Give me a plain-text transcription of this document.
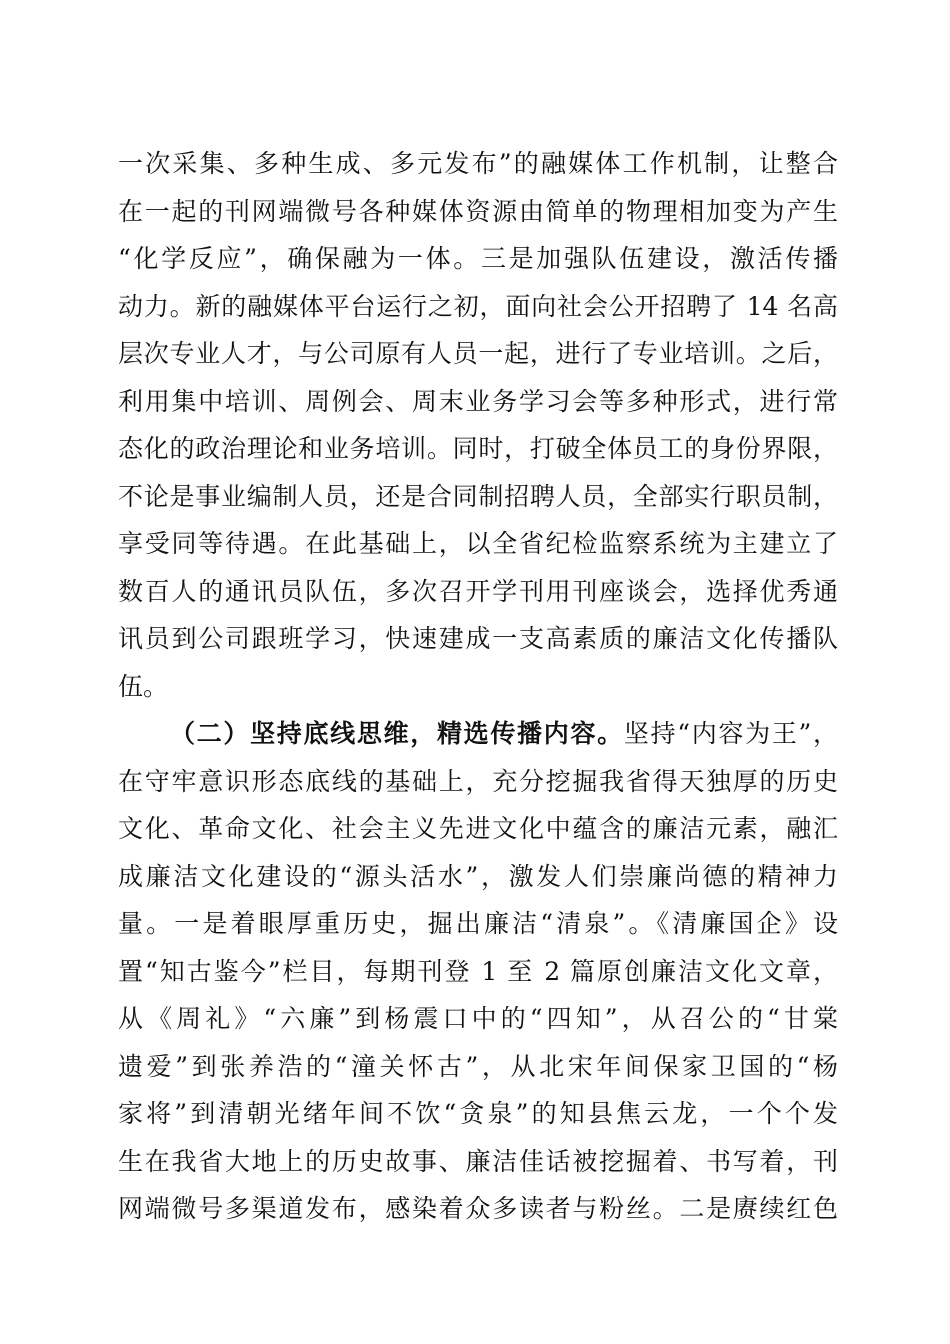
一次采集、多种生成、多元发布”的融媒体工作机制，让整合
在一起的刊网端微号各种媒体资源由简单的物理相加变为产生
“化学反应”，确保融为一体。三是加强队伍建设，激活传播
动力。新的融媒体平台运行之初，面向社会公开招聘了 14 名高
层次专业人才，与公司原有人员一起，进行了专业培训。之后，
利用集中培训、周例会、周末业务学习会等多种形式，进行常
态化的政治理论和业务培训。同时，打破全体员工的身份界限，
不论是事业编制人员，还是合同制招聘人员，全部实行职员制，
享受同等待遇。在此基础上，以全省纪检监察系统为主建立了
数百人的通讯员队伍，多次召开学刊用刊座谈会，选择优秀通
讯员到公司跟班学习，快速建成一支高素质的廉洁文化传播队
伍。
（二）坚持底线思维，精选传播内容。坚持“内容为王”，
在守牢意识形态底线的基础上，充分挖掘我省得天独厚的历史
文化、革命文化、社会主义先进文化中蕴含的廉洁元素，融汇
成廉洁文化建设的“源头活水”，激发人们崇廉尚德的精神力
量。一是着眼厚重历史，掘出廉洁“清泉”。《清廉国企》设
置“知古鉴今”栏目，每期刊登 1 至 2 篇原创廉洁文化文章，
从《周礼》“六廉”到杨震口中的“四知”，从召公的“甘棠
遗爱”到张养浩的“潼关怀古”，从北宋年间保家卫国的“杨
家将”到清朝光绪年间不饮“贪泉”的知县焦云龙，一个个发
生在我省大地上的历史故事、廉洁佳话被挖掘着、书写着，刊
网端微号多渠道发布，感染着众多读者与粉丝。二是赓续红色
